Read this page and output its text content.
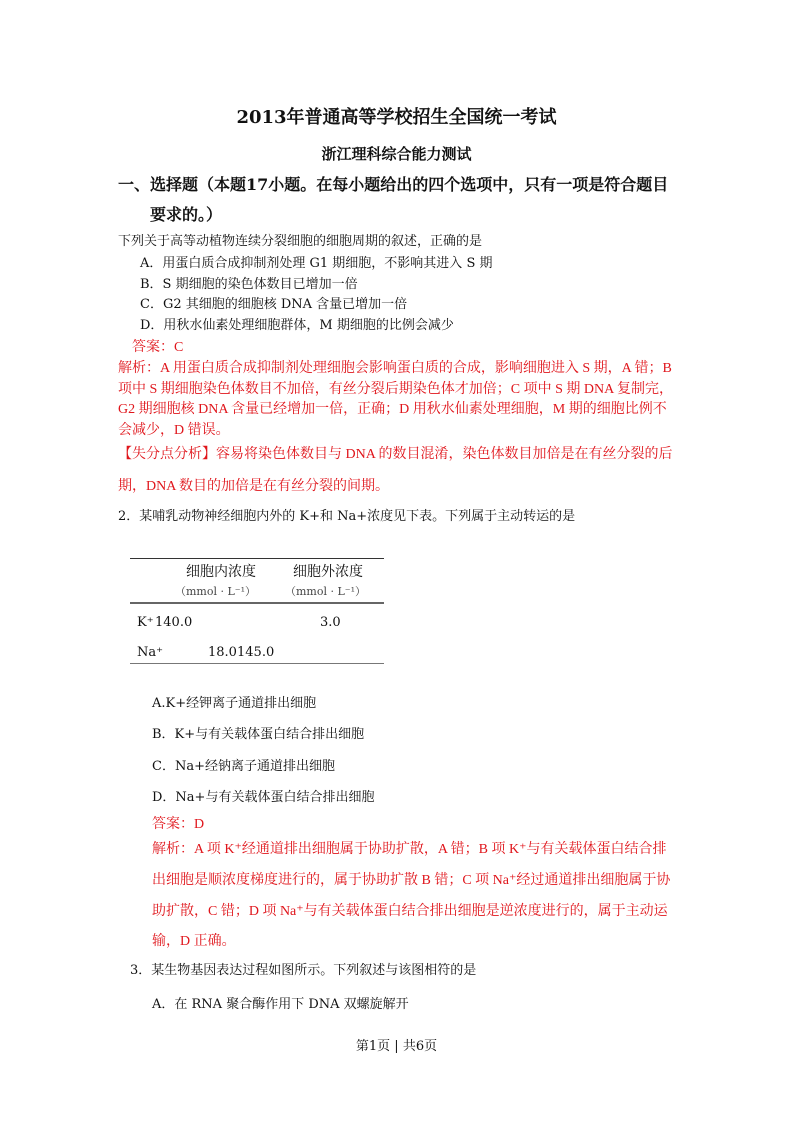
2013年普通高等学校招生全国统一考试
浙江理科综合能力测试
一、选择题（本题17小题。在每小题给出的四个选项中，只有一项是符合题目
要求的。）
下列关于高等动植物连续分裂细胞的细胞周期的叙述，正确的是
A．用蛋白质合成抑制剂处理 G1 期细胞，不影响其进入 S 期
B．S 期细胞的染色体数目已增加一倍
C．G2 其细胞的细胞核 DNA 含量已增加一倍
D．用秋水仙素处理细胞群体，M 期细胞的比例会减少
答案：C
解析：A 用蛋白质合成抑制剂处理细胞会影响蛋白质的合成，影响细胞进入 S 期，A 错；B
项中 S 期细胞染色体数目不加倍，有丝分裂后期染色体才加倍；C 项中 S 期 DNA 复制完，
G2 期细胞核 DNA 含量已经增加一倍，正确；D 用秋水仙素处理细胞，M 期的细胞比例不
会减少，D 错误。
【失分点分析】容易将染色体数目与 DNA 的数目混淆，染色体数目加倍是在有丝分裂的后
期，DNA 数目的加倍是在有丝分裂的间期。
2．某哺乳动物神经细胞内外的 K+和 Na+浓度见下表。下列属于主动转运的是
细胞内浓度	细胞外浓度
（mmol · L⁻¹）	（mmol · L⁻¹）
K⁺ 140.0	3.0
Na⁺	18.0 145.0
A.K+经钾离子通道排出细胞
B．K+与有关载体蛋白结合排出细胞
C．Na+经钠离子通道排出细胞
D．Na+与有关载体蛋白结合排出细胞
答案：D
解析：A 项 K⁺经通道排出细胞属于协助扩散，A 错；B 项 K⁺与有关载体蛋白结合排
出细胞是顺浓度梯度进行的，属于协助扩散 B 错；C 项 Na⁺经过通道排出细胞属于协
助扩散，C 错；D 项 Na⁺与有关载体蛋白结合排出细胞是逆浓度进行的，属于主动运
输，D 正确。
3．某生物基因表达过程如图所示。下列叙述与该图相符的是
A．在 RNA 聚合酶作用下 DNA 双螺旋解开
第1页 | 共6页
